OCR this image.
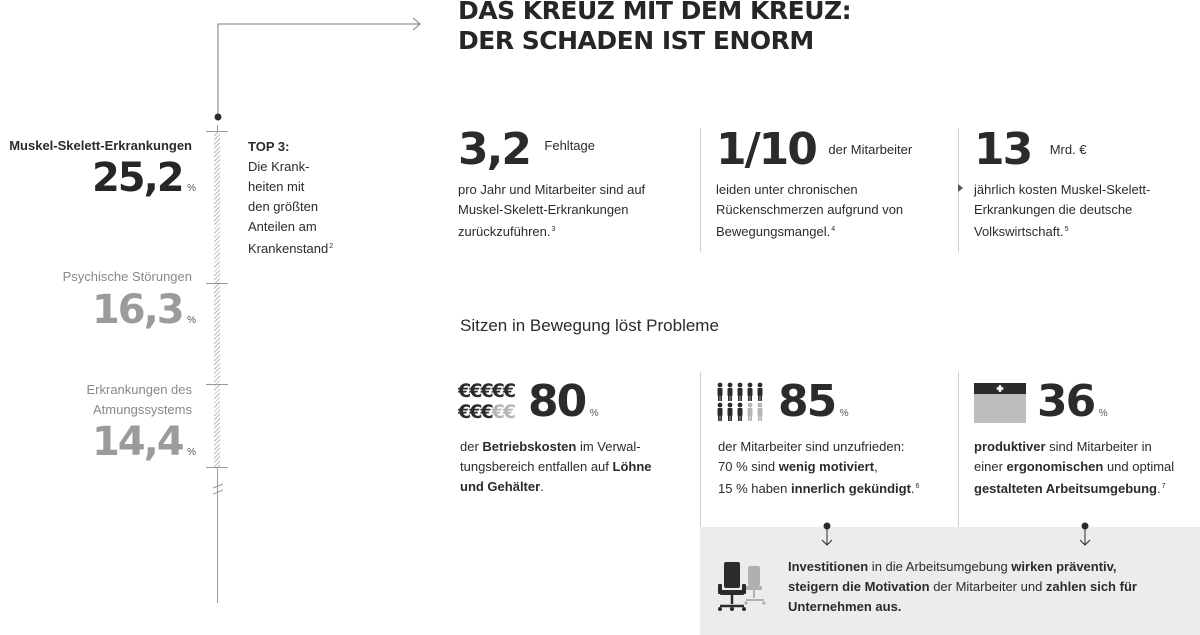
DAS KREUZ MIT DEM KREUZ:
DER SCHADEN IST ENORM
Muskel-Skelett-Erkrankungen
25,2 %
Psychische Störungen
16,3 %
Erkrankungen des
Atmungssystems
14,4 %
TOP 3:
Die Krank-
heiten mit
den größten
Anteilen am
Krankenstand$^2$
3,2 $^{Fehltage}$
pro Jahr und Mitarbeiter sind auf
Muskel-Skelett-Erkrankungen
zurückzuführen.$^3$
1/10 $^{der Mitarbeiter}$
leiden unter chronischen
Rückenschmerzen aufgrund von
Bewegungsmangel.$^4$
13 $^{Mrd. €}$
jährlich kosten Muskel-Skelett-
Erkrankungen die deutsche
Volkswirtschaft.$^5$
Sitzen in Bewegung löst Probleme
€€€€€
€€€€€ 80 %
der Betriebskosten im Verwal-
tungsbereich entfallen auf Löhne
und Gehälter.
85 %
der Mitarbeiter sind unzufrieden:
70 % sind wenig motiviert,
15 % haben innerlich gekündigt.$^6$
36 %
produktiver sind Mitarbeiter in
einer ergonomischen und optimal
gestalteten Arbeitsumgebung.$^7$
Investitionen in die Arbeitsumgebung wirken präventiv,
steigern die Motivation der Mitarbeiter und zahlen sich für
Unternehmen aus.
